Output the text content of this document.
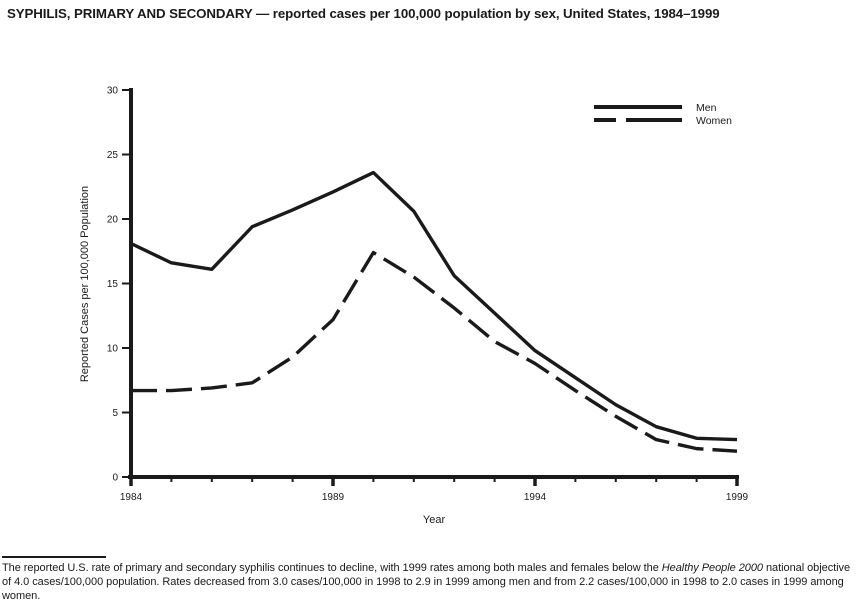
SYPHILIS, PRIMARY AND SECONDARY — reported cases per 100,000 population by sex, United States, 1984–1999
0
5
10
15
20
25
30
1984	1989	1994	1999
Reported Cases per 100,000 Population
Year
Men
Women

The reported U.S. rate of primary and secondary syphilis continues to decline, with 1999 rates among both males and females below the Healthy People 2000 national objective of 4.0 cases/100,000 population. Rates decreased from 3.0 cases/100,000 in 1998 to 2.9 in 1999 among men and from 2.2 cases/100,000 in 1998 to 2.0 cases in 1999 among women.
